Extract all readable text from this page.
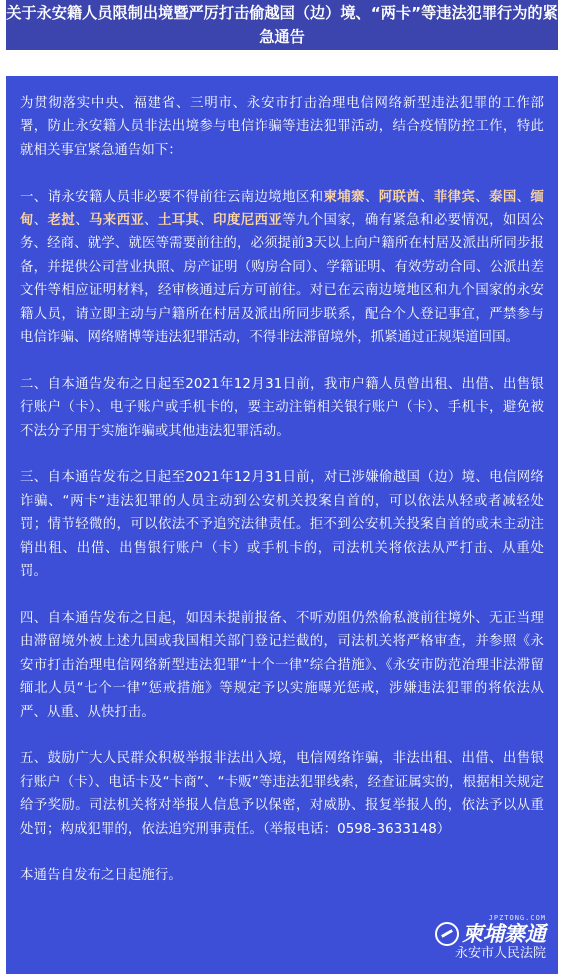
关于永安籍人员限制出境暨严厉打击偷越国（边）境、“两卡”等违法犯罪行为的紧急通告

为贯彻落实中央、福建省、三明市、永安市打击治理电信网络新型违法犯罪的工作部署，防止永安籍人员非法出境参与电信诈骗等违法犯罪活动，结合疫情防控工作，特此就相关事宜紧急通告如下：

一、请永安籍人员非必要不得前往云南边境地区和柬埔寨、阿联酋、菲律宾、泰国、缅甸、老挝、马来西亚、土耳其、印度尼西亚等九个国家，确有紧急和必要情况，如因公务、经商、就学、就医等需要前往的，必须提前3天以上向户籍所在村居及派出所同步报备，并提供公司营业执照、房产证明（购房合同）、学籍证明、有效劳动合同、公派出差文件等相应证明材料，经审核通过后方可前往。对已在云南边境地区和九个国家的永安籍人员，请立即主动与户籍所在村居及派出所同步联系，配合个人登记事宜，严禁参与电信诈骗、网络赌博等违法犯罪活动，不得非法滞留境外，抓紧通过正规渠道回国。

二、自本通告发布之日起至2021年12月31日前，我市户籍人员曾出租、出借、出售银行账户（卡）、电子账户或手机卡的，要主动注销相关银行账户（卡）、手机卡，避免被不法分子用于实施诈骗或其他违法犯罪活动。

三、自本通告发布之日起至2021年12月31日前，对已涉嫌偷越国（边）境、电信网络诈骗、“两卡”违法犯罪的人员主动到公安机关投案自首的，可以依法从轻或者减轻处罚；情节轻微的，可以依法不予追究法律责任。拒不到公安机关投案自首的或未主动注销出租、出借、出售银行账户（卡）或手机卡的，司法机关将依法从严打击、从重处罚。

四、自本通告发布之日起，如因未提前报备、不听劝阻仍然偷私渡前往境外、无正当理由滞留境外被上述九国或我国相关部门登记拦截的，司法机关将严格审查，并参照《永安市打击治理电信网络新型违法犯罪“十个一律”综合措施》、《永安市防范治理非法滞留缅北人员“七个一律”惩戒措施》等规定予以实施曝光惩戒，涉嫌违法犯罪的将依法从严、从重、从快打击。

五、鼓励广大人民群众积极举报非法出入境，电信网络诈骗，非法出租、出借、出售银行账户（卡）、电话卡及“卡商”、“卡贩”等违法犯罪线索，经查证属实的，根据相关规定给予奖励。司法机关将对举报人信息予以保密，对威胁、报复举报人的，依法予以从重处罚；构成犯罪的，依法追究刑事责任。（举报电话：0598-3633148）

本通告自发布之日起施行。

JPZTONG.COM
柬埔寨通
永安市人民法院
